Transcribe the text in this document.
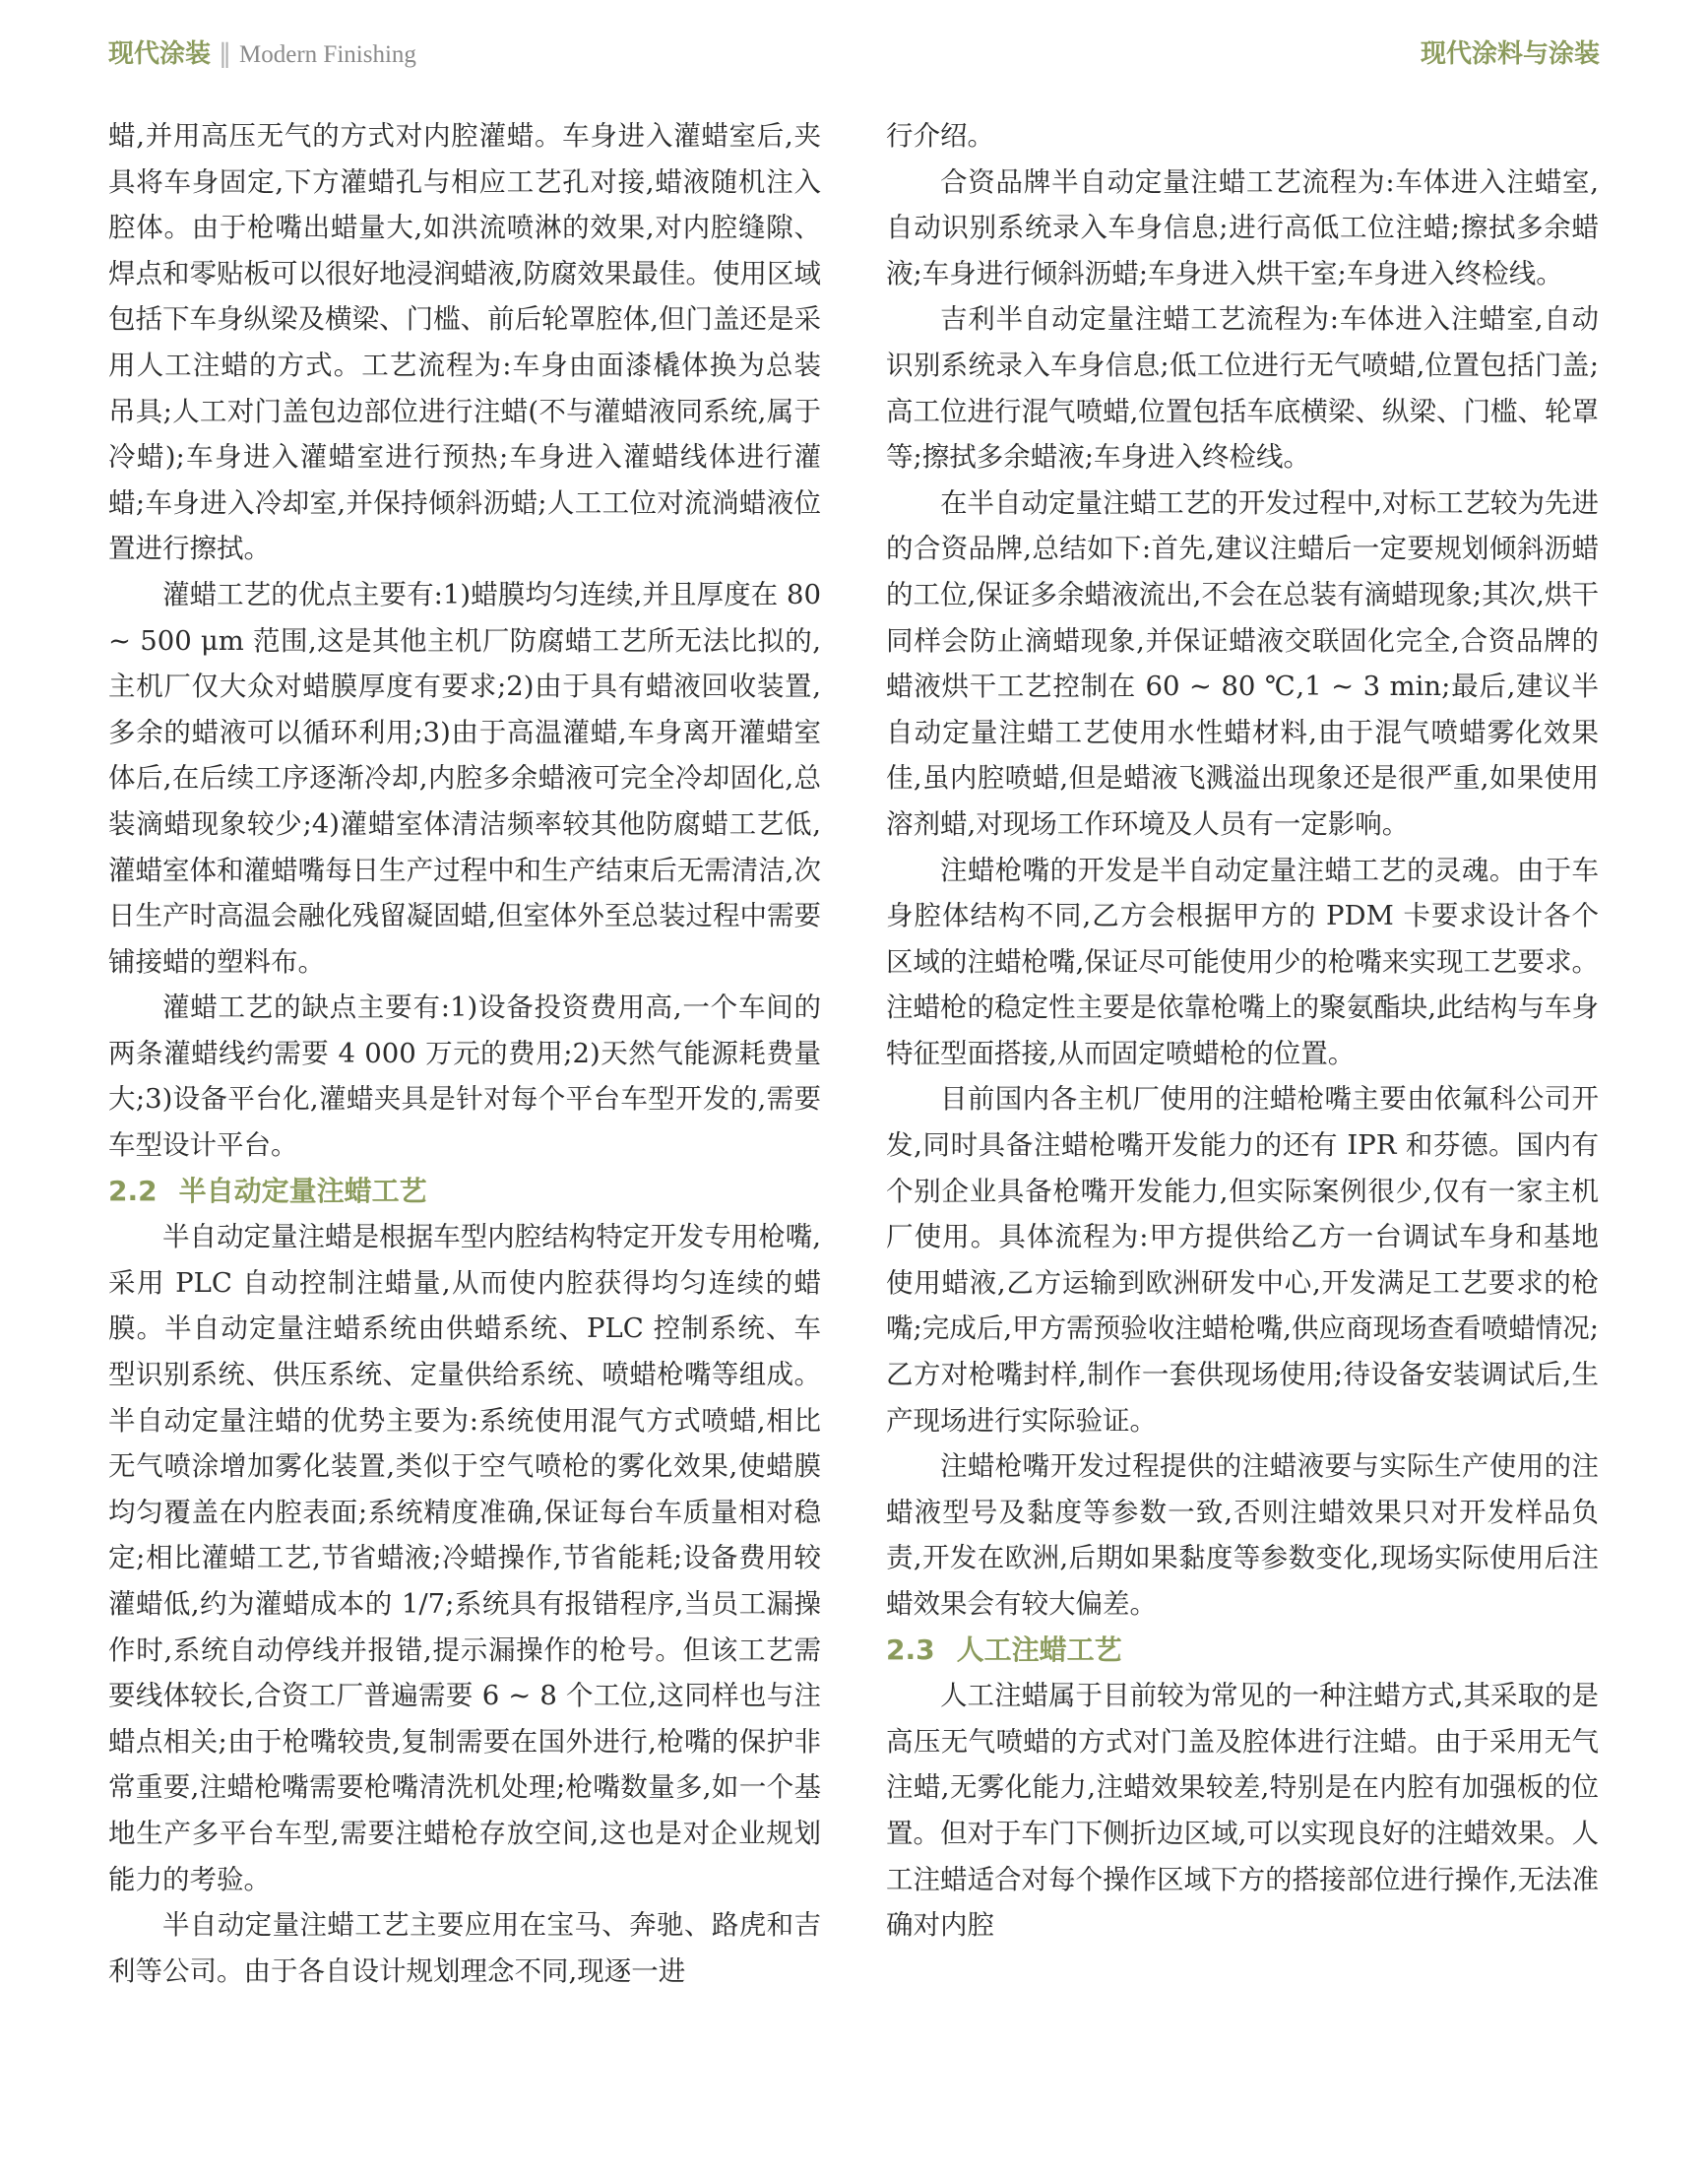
现代涂装 ‖ Modern Finishing	现代涂料与涂装

蜡,并用高压无气的方式对内腔灌蜡。车身进入灌蜡室后,夹具将车身固定,下方灌蜡孔与相应工艺孔对接,蜡液随机注入腔体。由于枪嘴出蜡量大,如洪流喷淋的效果,对内腔缝隙、焊点和零贴板可以很好地浸润蜡液,防腐效果最佳。使用区域包括下车身纵梁及横梁、门槛、前后轮罩腔体,但门盖还是采用人工注蜡的方式。工艺流程为:车身由面漆橇体换为总装吊具;人工对门盖包边部位进行注蜡(不与灌蜡液同系统,属于冷蜡);车身进入灌蜡室进行预热;车身进入灌蜡线体进行灌蜡;车身进入冷却室,并保持倾斜沥蜡;人工工位对流淌蜡液位置进行擦拭。

灌蜡工艺的优点主要有:1)蜡膜均匀连续,并且厚度在 80 ~ 500 μm 范围,这是其他主机厂防腐蜡工艺所无法比拟的,主机厂仅大众对蜡膜厚度有要求;2)由于具有蜡液回收装置,多余的蜡液可以循环利用;3)由于高温灌蜡,车身离开灌蜡室体后,在后续工序逐渐冷却,内腔多余蜡液可完全冷却固化,总装滴蜡现象较少;4)灌蜡室体清洁频率较其他防腐蜡工艺低,灌蜡室体和灌蜡嘴每日生产过程中和生产结束后无需清洁,次日生产时高温会融化残留凝固蜡,但室体外至总装过程中需要铺接蜡的塑料布。

灌蜡工艺的缺点主要有:1)设备投资费用高,一个车间的两条灌蜡线约需要 4 000 万元的费用;2)天然气能源耗费量大;3)设备平台化,灌蜡夹具是针对每个平台车型开发的,需要车型设计平台。

2.2 半自动定量注蜡工艺

半自动定量注蜡是根据车型内腔结构特定开发专用枪嘴,采用 PLC 自动控制注蜡量,从而使内腔获得均匀连续的蜡膜。半自动定量注蜡系统由供蜡系统、PLC 控制系统、车型识别系统、供压系统、定量供给系统、喷蜡枪嘴等组成。半自动定量注蜡的优势主要为:系统使用混气方式喷蜡,相比无气喷涂增加雾化装置,类似于空气喷枪的雾化效果,使蜡膜均匀覆盖在内腔表面;系统精度准确,保证每台车质量相对稳定;相比灌蜡工艺,节省蜡液;冷蜡操作,节省能耗;设备费用较灌蜡低,约为灌蜡成本的 1/7;系统具有报错程序,当员工漏操作时,系统自动停线并报错,提示漏操作的枪号。但该工艺需要线体较长,合资工厂普遍需要 6 ~ 8 个工位,这同样也与注蜡点相关;由于枪嘴较贵,复制需要在国外进行,枪嘴的保护非常重要,注蜡枪嘴需要枪嘴清洗机处理;枪嘴数量多,如一个基地生产多平台车型,需要注蜡枪存放空间,这也是对企业规划能力的考验。

半自动定量注蜡工艺主要应用在宝马、奔驰、路虎和吉利等公司。由于各自设计规划理念不同,现逐一进

行介绍。

合资品牌半自动定量注蜡工艺流程为:车体进入注蜡室,自动识别系统录入车身信息;进行高低工位注蜡;擦拭多余蜡液;车身进行倾斜沥蜡;车身进入烘干室;车身进入终检线。

吉利半自动定量注蜡工艺流程为:车体进入注蜡室,自动识别系统录入车身信息;低工位进行无气喷蜡,位置包括门盖;高工位进行混气喷蜡,位置包括车底横梁、纵梁、门槛、轮罩等;擦拭多余蜡液;车身进入终检线。

在半自动定量注蜡工艺的开发过程中,对标工艺较为先进的合资品牌,总结如下:首先,建议注蜡后一定要规划倾斜沥蜡的工位,保证多余蜡液流出,不会在总装有滴蜡现象;其次,烘干同样会防止滴蜡现象,并保证蜡液交联固化完全,合资品牌的蜡液烘干工艺控制在 60 ~ 80 ℃,1 ~ 3 min;最后,建议半自动定量注蜡工艺使用水性蜡材料,由于混气喷蜡雾化效果佳,虽内腔喷蜡,但是蜡液飞溅溢出现象还是很严重,如果使用溶剂蜡,对现场工作环境及人员有一定影响。

注蜡枪嘴的开发是半自动定量注蜡工艺的灵魂。由于车身腔体结构不同,乙方会根据甲方的 PDM 卡要求设计各个区域的注蜡枪嘴,保证尽可能使用少的枪嘴来实现工艺要求。注蜡枪的稳定性主要是依靠枪嘴上的聚氨酯块,此结构与车身特征型面搭接,从而固定喷蜡枪的位置。

目前国内各主机厂使用的注蜡枪嘴主要由依氟科公司开发,同时具备注蜡枪嘴开发能力的还有 IPR 和芬德。国内有个别企业具备枪嘴开发能力,但实际案例很少,仅有一家主机厂使用。具体流程为:甲方提供给乙方一台调试车身和基地使用蜡液,乙方运输到欧洲研发中心,开发满足工艺要求的枪嘴;完成后,甲方需预验收注蜡枪嘴,供应商现场查看喷蜡情况;乙方对枪嘴封样,制作一套供现场使用;待设备安装调试后,生产现场进行实际验证。

注蜡枪嘴开发过程提供的注蜡液要与实际生产使用的注蜡液型号及黏度等参数一致,否则注蜡效果只对开发样品负责,开发在欧洲,后期如果黏度等参数变化,现场实际使用后注蜡效果会有较大偏差。

2.3 人工注蜡工艺

人工注蜡属于目前较为常见的一种注蜡方式,其采取的是高压无气喷蜡的方式对门盖及腔体进行注蜡。由于采用无气注蜡,无雾化能力,注蜡效果较差,特别是在内腔有加强板的位置。但对于车门下侧折边区域,可以实现良好的注蜡效果。人工注蜡适合对每个操作区域下方的搭接部位进行操作,无法准确对内腔
